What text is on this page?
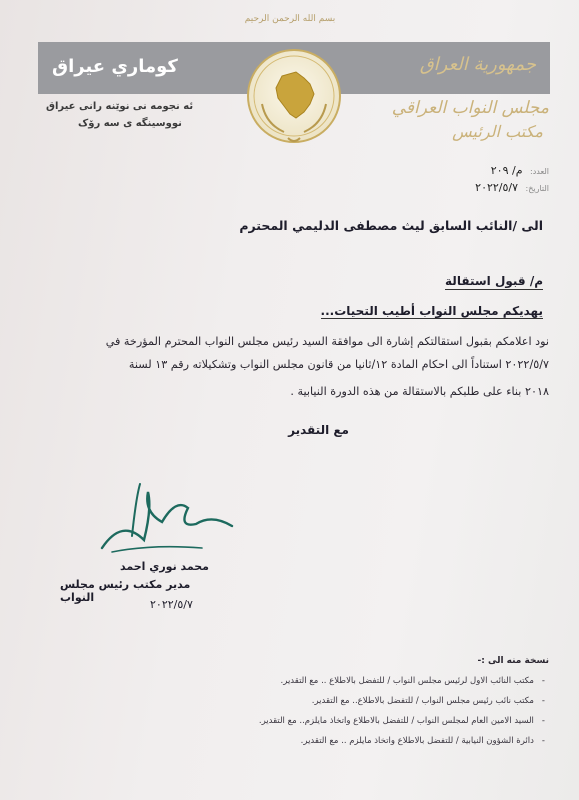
بسم الله الرحمن الرحيم
كوماري عيراق	جمهورية العراق
ئه نجومه نی نوێنه رانی عیراق
نووسینگه ی سه رۆک
مجلس النواب العراقي
مكتب الرئيس
العدد: م/ ٢٠٩
التاريخ: ٢٠٢٢/٥/٧
الى /النائب السابق ليث مصطفى الدليمي المحترم
م/ قبول استقالة
يهديكم مجلس النواب أطيب التحيات...
نود اعلامكم بقبول استقالتكم إشارة الى موافقة السيد رئيس مجلس النواب المحترم المؤرخة في
٢٠٢٢/٥/٧ استناداً الى احكام المادة ١٢/ثانيا من قانون مجلس النواب وتشكيلاته رقم ١٣ لسنة
٢٠١٨ بناء على طلبكم بالاستقالة من هذه الدورة النيابية .
مع التقدير
محمد نوري احمد
مدير مكتب رئيس مجلس النواب
٢٠٢٢/٥/٧
نسخة منه الى :-
-مكتب النائب الاول لرئيس مجلس النواب / للتفضل بالاطلاع .. مع التقدير.
-مكتب نائب رئيس مجلس النواب / للتفضل بالاطلاع.. مع التقدير.
-السيد الامين العام لمجلس النواب / للتفضل بالاطلاع واتخاذ مايلزم.. مع التقدير.
-دائرة الشؤون النيابية / للتفضل بالاطلاع واتخاذ مايلزم .. مع التقدير.
